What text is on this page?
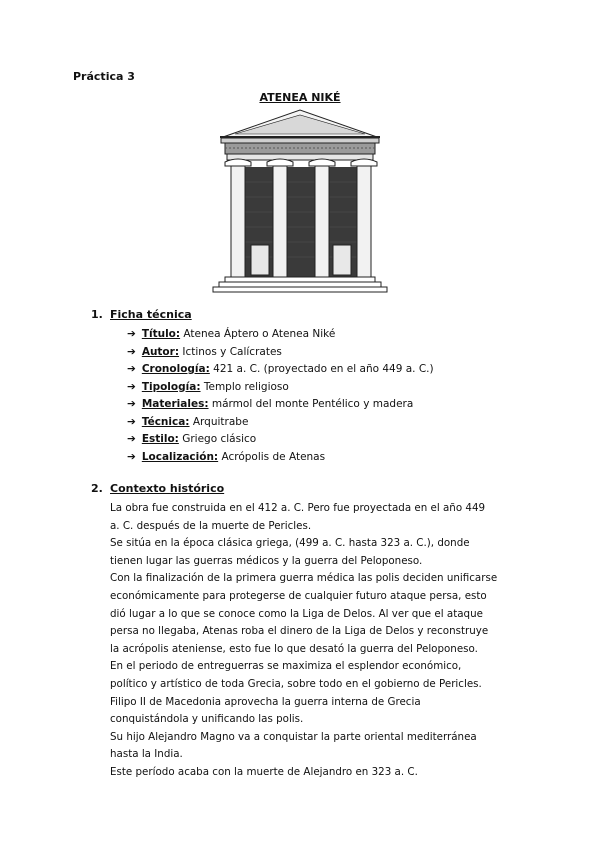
Práctica 3
ATENEA NIKÉ
1. Ficha técnica
➔ Título: Atenea Áptero o Atenea Niké
➔ Autor: Ictinos y Calícrates
➔ Cronología: 421 a. C. (proyectado en el año 449 a. C.)
➔ Tipología: Templo religioso
➔ Materiales: mármol del monte Pentélico y madera
➔ Técnica: Arquitrabe
➔ Estilo: Griego clásico
➔ Localización: Acrópolis de Atenas
2. Contexto histórico

La obra fue construida en el 412 a. C. Pero fue proyectada en el año 449

a. C. después de la muerte de Pericles.

Se sitúa en la época clásica griega, (499 a. C. hasta 323 a. C.), donde

tienen lugar las guerras médicos y la guerra del Peloponeso.

Con la finalización de la primera guerra médica las polis deciden unificarse

económicamente para protegerse de cualquier futuro ataque persa, esto

dió lugar a lo que se conoce como la Liga de Delos. Al ver que el ataque

persa no llegaba, Atenas roba el dinero de la Liga de Delos y reconstruye

la acrópolis ateniense, esto fue lo que desató la guerra del Peloponeso.

En el periodo de entreguerras se maximiza el esplendor económico,

político y artístico de toda Grecia, sobre todo en el gobierno de Pericles.

Filipo II de Macedonia aprovecha la guerra interna de Grecia

conquistándola y unificando las polis.

Su hijo Alejandro Magno va a conquistar la parte oriental mediterránea

hasta la India.

Este período acaba con la muerte de Alejandro en 323 a. C.
